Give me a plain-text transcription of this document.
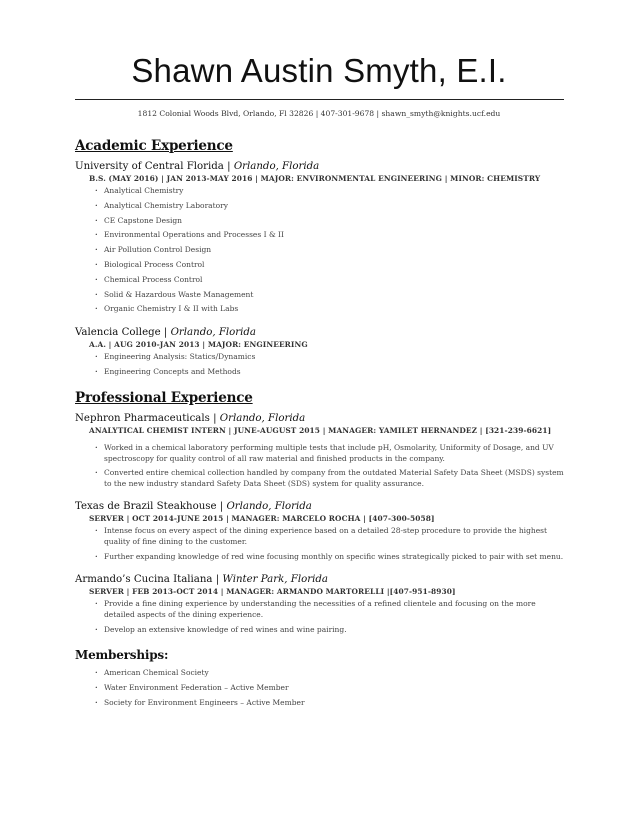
Shawn Austin Smyth, E.I.
1812 Colonial Woods Blvd, Orlando, Fl 32826 | 407-301-9678 | shawn_smyth@knights.ucf.edu
Academic Experience
University of Central Florida | Orlando, Florida
B.S. (MAY 2016) | JAN 2013-MAY 2016 | MAJOR: ENVIRONMENTAL ENGINEERING | MINOR: CHEMISTRY
· Analytical Chemistry
· Analytical Chemistry Laboratory
· CE Capstone Design
· Environmental Operations and Processes I & II
· Air Pollution Control Design
· Biological Process Control
· Chemical Process Control
· Solid & Hazardous Waste Management
· Organic Chemistry I & II with Labs
Valencia College | Orlando, Florida
A.A. | AUG 2010-JAN 2013 | MAJOR: ENGINEERING
· Engineering Analysis: Statics/Dynamics
· Engineering Concepts and Methods
Professional Experience
Nephron Pharmaceuticals | Orlando, Florida
ANALYTICAL CHEMIST INTERN | JUNE-AUGUST 2015 | MANAGER: YAMILET HERNANDEZ | [321-239-6621]
· Worked in a chemical laboratory performing multiple tests that include pH, Osmolarity, Uniformity of Dosage, and UV spectroscopy for quality control of all raw material and finished products in the company.
· Converted entire chemical collection handled by company from the outdated Material Safety Data Sheet (MSDS) system to the new industry standard Safety Data Sheet (SDS) system for quality assurance.
Texas de Brazil Steakhouse | Orlando, Florida
SERVER | OCT 2014-JUNE 2015 | MANAGER: MARCELO ROCHA | [407-300-5058]
· Intense focus on every aspect of the dining experience based on a detailed 28-step procedure to provide the highest quality of fine dining to the customer.
· Further expanding knowledge of red wine focusing monthly on specific wines strategically picked to pair with set menu.
Armando’s Cucina Italiana | Winter Park, Florida
SERVER | FEB 2013-OCT 2014 | MANAGER: ARMANDO MARTORELLI |[407-951-8930]
· Provide a fine dining experience by understanding the necessities of a refined clientele and focusing on the more detailed aspects of the dining experience.
· Develop an extensive knowledge of red wines and wine pairing.
Memberships:
· American Chemical Society
· Water Environment Federation – Active Member
· Society for Environment Engineers – Active Member
